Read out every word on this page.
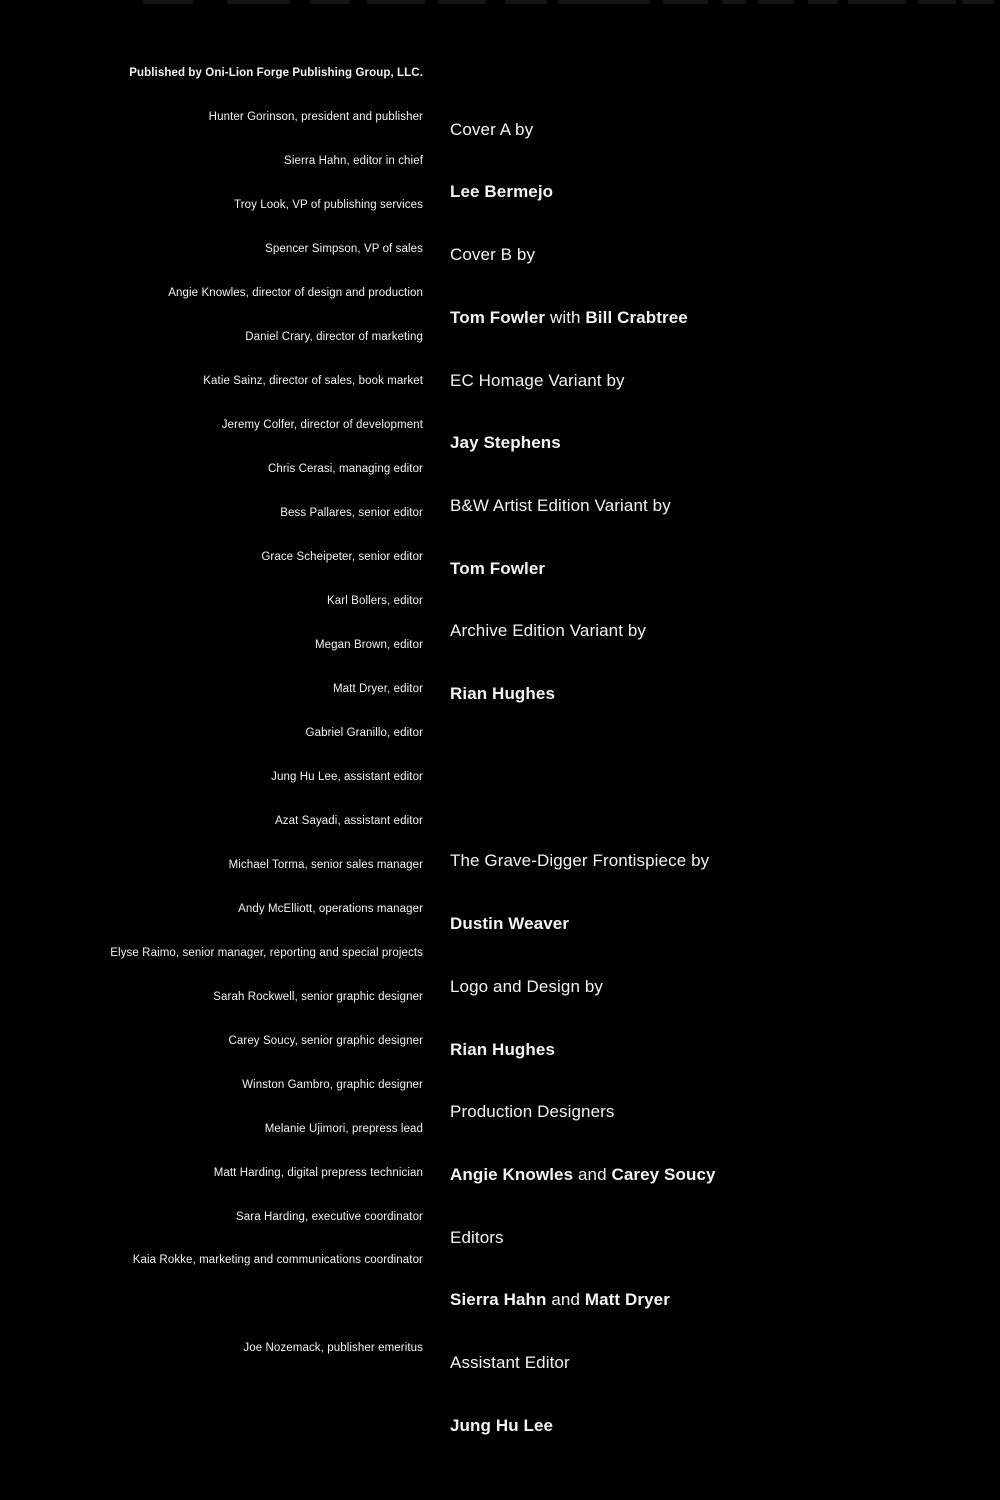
Published by Oni-Lion Forge Publishing Group, LLC.

Hunter Gorinson, president and publisher

Sierra Hahn, editor in chief

Troy Look, VP of publishing services

Spencer Simpson, VP of sales

Angie Knowles, director of design and production

Daniel Crary, director of marketing

Katie Sainz, director of sales, book market

Jeremy Colfer, director of development

Chris Cerasi, managing editor

Bess Pallares, senior editor

Grace Scheipeter, senior editor

Karl Bollers, editor

Megan Brown, editor

Matt Dryer, editor

Gabriel Granillo, editor

Jung Hu Lee, assistant editor

Azat Sayadi, assistant editor

Michael Torma, senior sales manager

Andy McElliott, operations manager

Elyse Raimo, senior manager, reporting and special projects

Sarah Rockwell, senior graphic designer

Carey Soucy, senior graphic designer

Winston Gambro, graphic designer

Melanie Ujimori, prepress lead

Matt Harding, digital prepress technician

Sara Harding, executive coordinator

Kaia Rokke, marketing and communications coordinator

Joe Nozemack, publisher emeritus

Cover A by

Lee Bermejo

Cover B by

Tom Fowler with Bill Crabtree

EC Homage Variant by

Jay Stephens

B&W Artist Edition Variant by

Tom Fowler

Archive Edition Variant by

Rian Hughes

The Grave-Digger Frontispiece by

Dustin Weaver

Logo and Design by

Rian Hughes

Production Designers

Angie Knowles and Carey Soucy

Editors

Sierra Hahn and Matt Dryer

Assistant Editor

Jung Hu Lee
